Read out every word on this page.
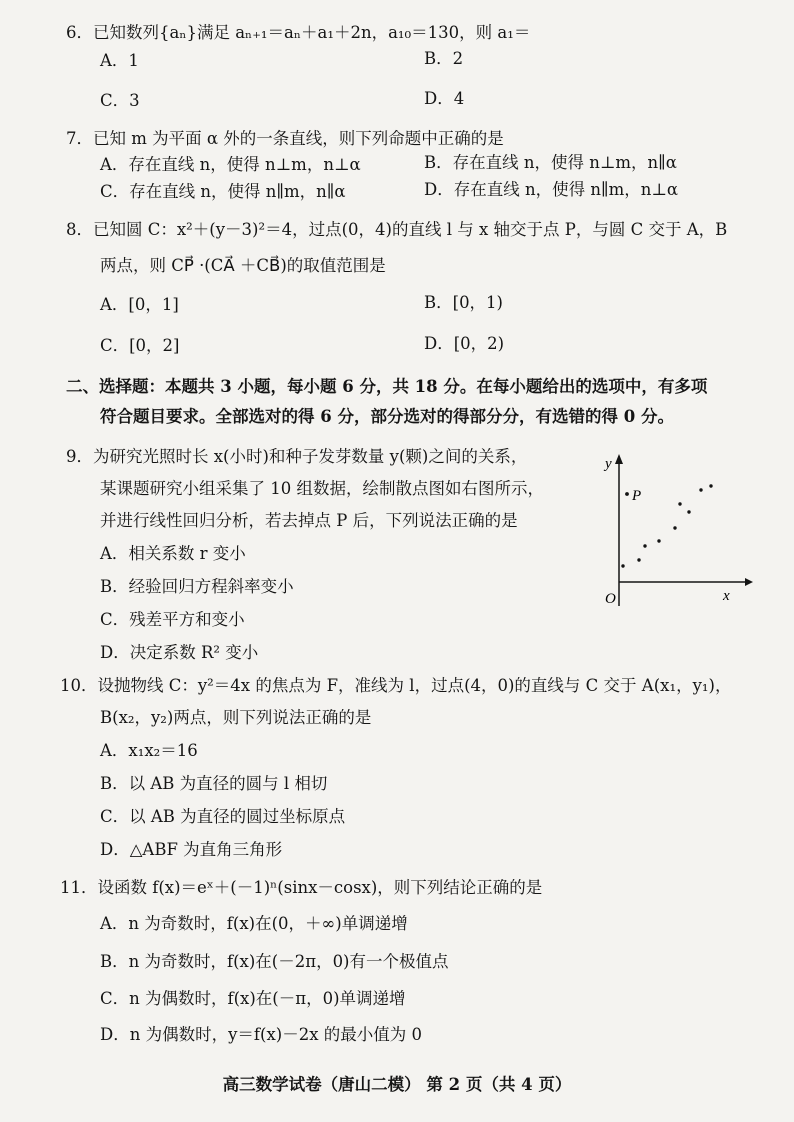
6．已知数列{aₙ}满足 aₙ₊₁＝aₙ＋a₁＋2n，a₁₀＝130，则 a₁＝
A．1	B．2
C．3	D．4
7．已知 m 为平面 α 外的一条直线，则下列命题中正确的是
A．存在直线 n，使得 n⊥m，n⊥α	B．存在直线 n，使得 n⊥m，n∥α
C．存在直线 n，使得 n∥m，n∥α	D．存在直线 n，使得 n∥m，n⊥α
8．已知圆 C：x²＋(y－3)²＝4，过点(0，4)的直线 l 与 x 轴交于点 P，与圆 C 交于 A，B
两点，则 CP⃗ ·(CA⃗ ＋CB⃗)的取值范围是
A．[0，1]	B．[0，1)
C．[0，2]	D．[0，2)
二、选择题：本题共 3 小题，每小题 6 分，共 18 分。在每小题给出的选项中，有多项
符合题目要求。全部选对的得 6 分，部分选对的得部分分，有选错的得 0 分。
9．为研究光照时长 x(小时)和种子发芽数量 y(颗)之间的关系，
某课题研究小组采集了 10 组数据，绘制散点图如右图所示，
并进行线性回归分析，若去掉点 P 后，下列说法正确的是
A．相关系数 r 变小
B．经验回归方程斜率变小
C．残差平方和变小
D．决定系数 R² 变小
y
x
O
P
10．设抛物线 C：y²＝4x 的焦点为 F，准线为 l，过点(4，0)的直线与 C 交于 A(x₁，y₁)，
B(x₂，y₂)两点，则下列说法正确的是
A．x₁x₂＝16
B．以 AB 为直径的圆与 l 相切
C．以 AB 为直径的圆过坐标原点
D．△ABF 为直角三角形
11．设函数 f(x)＝eˣ＋(－1)ⁿ(sinx－cosx)，则下列结论正确的是
A．n 为奇数时，f(x)在(0，＋∞)单调递增
B．n 为奇数时，f(x)在(－2π，0)有一个极值点
C．n 为偶数时，f(x)在(－π，0)单调递增
D．n 为偶数时，y＝f(x)－2x 的最小值为 0
高三数学试卷（唐山二模） 第 2 页（共 4 页）
